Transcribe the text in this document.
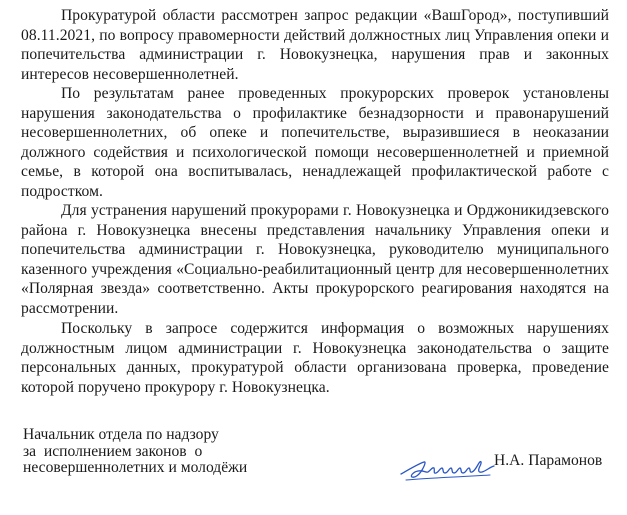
Прокуратурой области рассмотрен запрос редакции «ВашГород», поступивший 08.11.2021, по вопросу правомерности действий должностных лиц Управления опеки и попечительства администрации г. Новокузнецка, нарушения прав и законных интересов несовершеннолетней.

По результатам ранее проведенных прокурорских проверок установлены нарушения законодательства о профилактике безнадзорности и правонарушений несовершеннолетних, об опеке и попечительстве, выразившиеся в неоказании должного содействия и психологической помощи несовершеннолетней и приемной семье, в которой она воспитывалась, ненадлежащей профилактической работе с подростком.

Для устранения нарушений прокурорами г. Новокузнецка и Орджоникидзевского района г. Новокузнецка внесены представления начальнику Управления опеки и попечительства администрации г. Новокузнецка, руководителю муниципального казенного учреждения «Социально-реабилитационный центр для несовершеннолетних «Полярная звезда» соответственно. Акты прокурорского реагирования находятся на рассмотрении.

Поскольку в запросе содержится информация о возможных нарушениях должностным лицом администрации г. Новокузнецка законодательства о защите персональных данных, прокуратурой области организована проверка, проведение которой поручено прокурору г. Новокузнецка.

Начальник отдела по надзору
за  исполнением законов  о
несовершеннолетних и молодёжи	Н.А. Парамонов
